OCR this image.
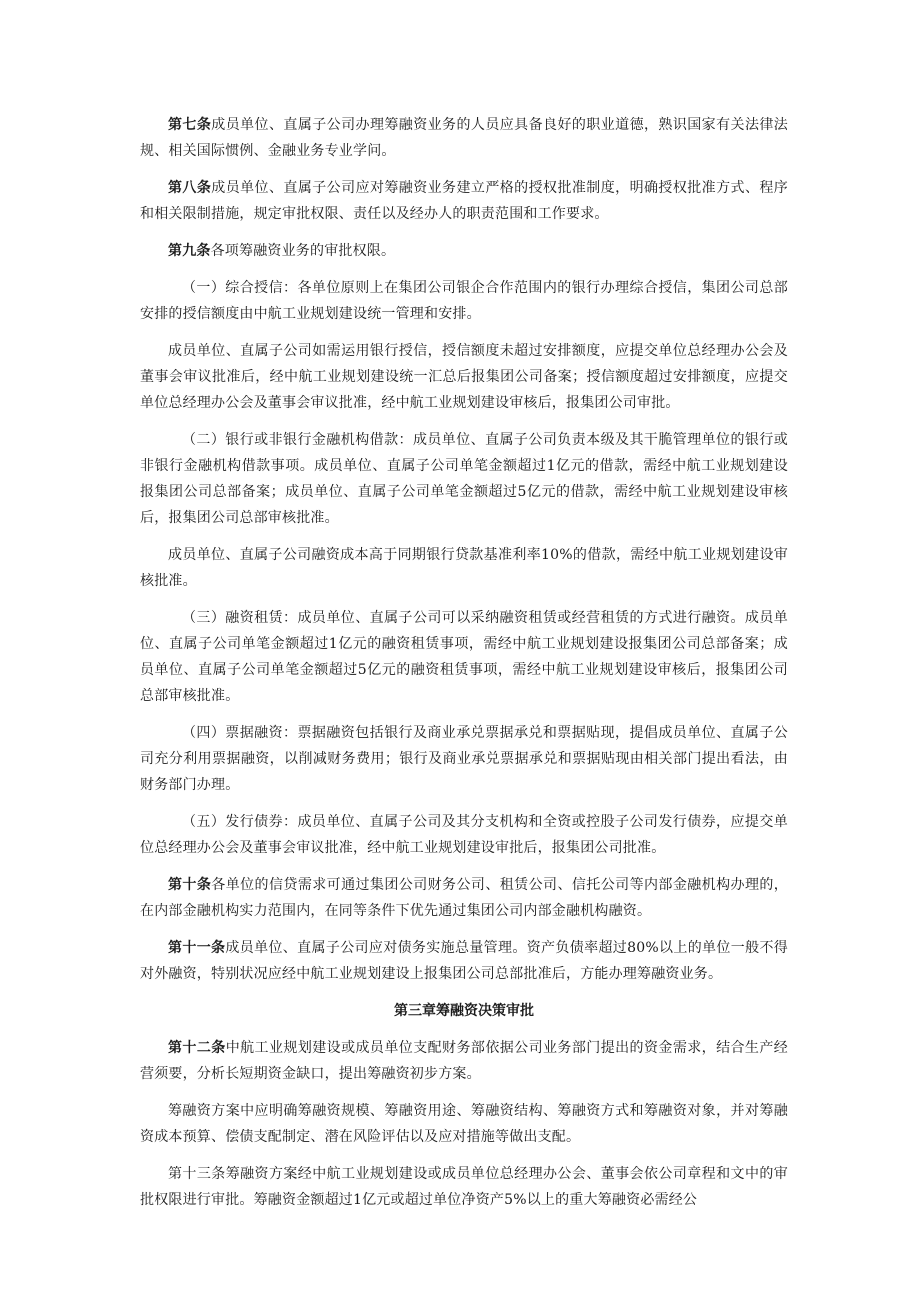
第七条成员单位、直属子公司办理筹融资业务的人员应具备良好的职业道德，熟识国家有关法律法规、相关国际惯例、金融业务专业学问。

第八条成员单位、直属子公司应对筹融资业务建立严格的授权批准制度，明确授权批准方式、程序和相关限制措施，规定审批权限、责任以及经办人的职责范围和工作要求。

第九条各项筹融资业务的审批权限。

（一）综合授信：各单位原则上在集团公司银企合作范围内的银行办理综合授信，集团公司总部安排的授信额度由中航工业规划建设统一管理和安排。

成员单位、直属子公司如需运用银行授信，授信额度未超过安排额度，应提交单位总经理办公会及董事会审议批准后，经中航工业规划建设统一汇总后报集团公司备案；授信额度超过安排额度，应提交单位总经理办公会及董事会审议批准，经中航工业规划建设审核后，报集团公司审批。

（二）银行或非银行金融机构借款：成员单位、直属子公司负责本级及其干脆管理单位的银行或非银行金融机构借款事项。成员单位、直属子公司单笔金额超过1亿元的借款，需经中航工业规划建设报集团公司总部备案；成员单位、直属子公司单笔金额超过5亿元的借款，需经中航工业规划建设审核后，报集团公司总部审核批准。

成员单位、直属子公司融资成本高于同期银行贷款基准利率10%的借款，需经中航工业规划建设审核批准。

（三）融资租赁：成员单位、直属子公司可以采纳融资租赁或经营租赁的方式进行融资。成员单位、直属子公司单笔金额超过1亿元的融资租赁事项，需经中航工业规划建设报集团公司总部备案；成员单位、直属子公司单笔金额超过5亿元的融资租赁事项，需经中航工业规划建设审核后，报集团公司总部审核批准。

（四）票据融资：票据融资包括银行及商业承兑票据承兑和票据贴现，提倡成员单位、直属子公司充分利用票据融资，以削减财务费用；银行及商业承兑票据承兑和票据贴现由相关部门提出看法，由财务部门办理。

（五）发行债券：成员单位、直属子公司及其分支机构和全资或控股子公司发行债券，应提交单位总经理办公会及董事会审议批准，经中航工业规划建设审批后，报集团公司批准。

第十条各单位的信贷需求可通过集团公司财务公司、租赁公司、信托公司等内部金融机构办理的，在内部金融机构实力范围内，在同等条件下优先通过集团公司内部金融机构融资。

第十一条成员单位、直属子公司应对债务实施总量管理。资产负债率超过80%以上的单位一般不得对外融资，特别状况应经中航工业规划建设上报集团公司总部批准后，方能办理筹融资业务。

第三章筹融资决策审批

第十二条中航工业规划建设或成员单位支配财务部依据公司业务部门提出的资金需求，结合生产经营须要，分析长短期资金缺口，提出筹融资初步方案。

筹融资方案中应明确筹融资规模、筹融资用途、筹融资结构、筹融资方式和筹融资对象，并对筹融资成本预算、偿债支配制定、潜在风险评估以及应对措施等做出支配。

第十三条筹融资方案经中航工业规划建设或成员单位总经理办公会、董事会依公司章程和文中的审批权限进行审批。筹融资金额超过1亿元或超过单位净资产5%以上的重大筹融资必需经公
